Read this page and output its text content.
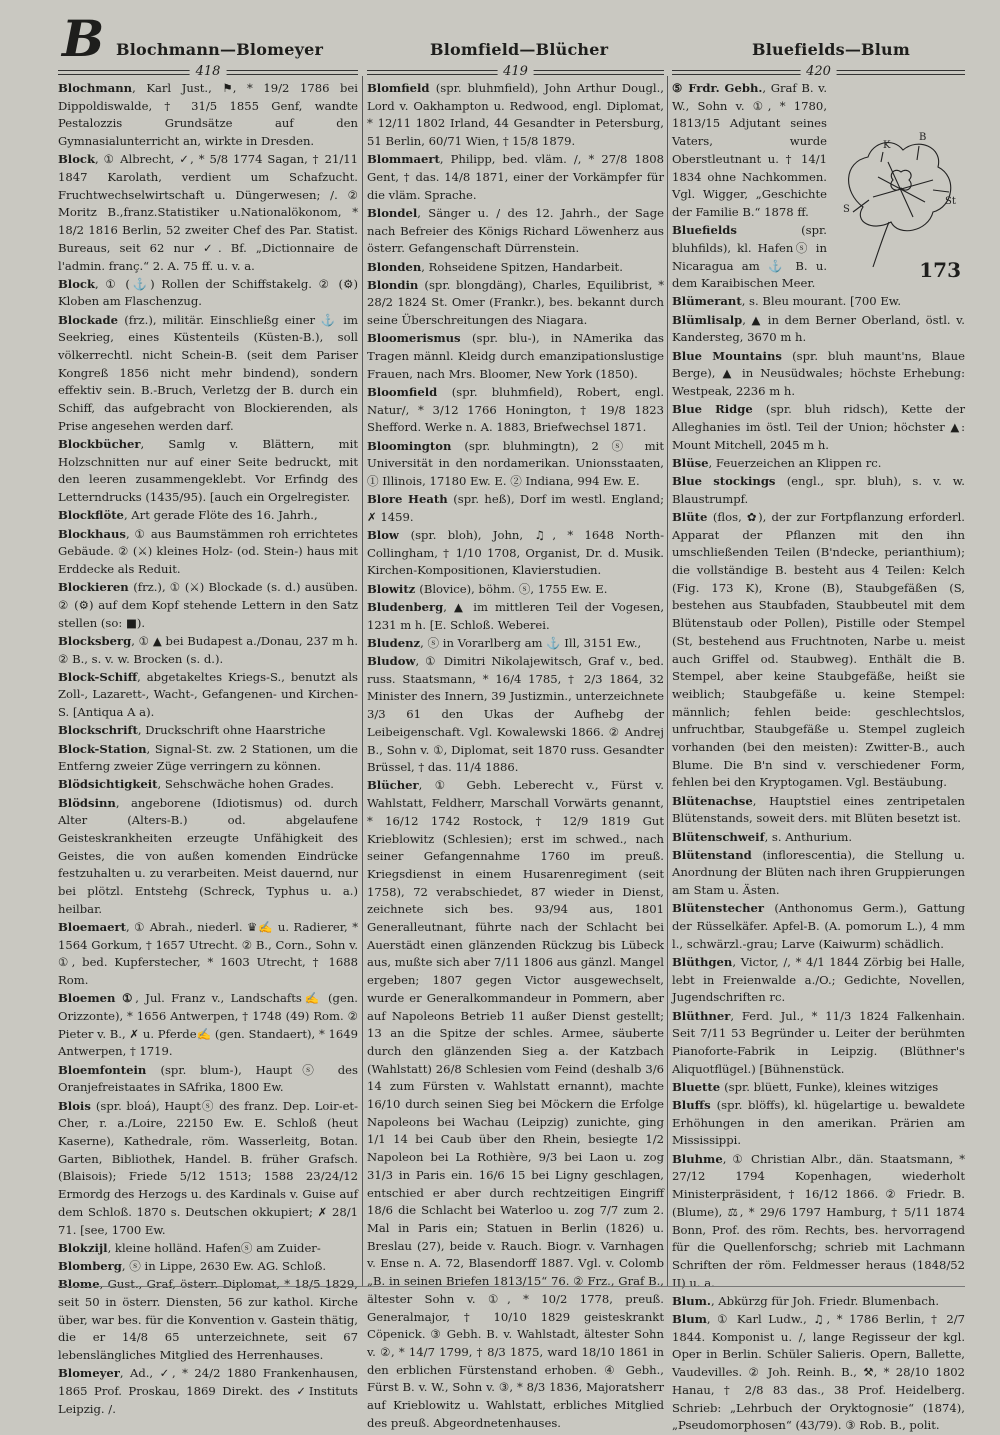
B Blochmann—Blomeyer	Blomfield—Blücher	Bluefields—Blum
418	419	420
Blochmann, Karl Just., ⚑, * 19/2 1786 bei Dippoldiswalde, † 31/5 1855 Genf, wandte Pestalozzis Grundsätze auf den Gymnasialunterricht an, wirkte in Dresden.
Block, ① Albrecht, ✓, * 5/8 1774 Sagan, † 21/11 1847 Karolath, verdient um Schafzucht. Fruchtwechselwirtschaft u. Düngerwesen; /. ② Moritz B.,franz.Statistiker u.Nationalökonom, * 18/2 1816 Berlin, 52 zweiter Chef des Par. Statist. Bureaus, seit 62 nur ✓. Bf. „Dictionnaire de l'admin. franç.“ 2. A. 75 ff. u. v. a.
Block, ① (⚓) Rollen der Schiffstakelg. ② (⚙) Kloben am Flaschenzug.
Blockade (frz.), militär. Einschließg einer ⚓ im Seekrieg, eines Küstenteils (Küsten-B.), soll völkerrechtl. nicht Schein-B. (seit dem Pariser Kongreß 1856 nicht mehr bindend), sondern effektiv sein. B.-Bruch, Verletzg der B. durch ein Schiff, das aufgebracht von Blockierenden, als Prise angesehen werden darf.
Blockbücher, Samlg v. Blättern, mit Holzschnitten nur auf einer Seite bedruckt, mit den leeren zusammengeklebt. Vor Erfindg des Letterndrucks (1435/95). [auch ein Orgelregister.
Blockflöte, Art gerade Flöte des 16. Jahrh.,
Blockhaus, ① aus Baumstämmen roh errichtetes Gebäude. ② (⚔) kleines Holz- (od. Stein-) haus mit Erddecke als Reduit.
Blockieren (frz.), ① (⚔) Blockade (s. d.) ausüben. ② (⚙) auf dem Kopf stehende Lettern in den Satz stellen (so: ■).
Blocksberg, ① ▲ bei Budapest a./Donau, 237 m h. ② B., s. v. w. Brocken (s. d.).
Block-Schiff, abgetakeltes Kriegs-S., benutzt als Zoll-, Lazarett-, Wacht-, Gefangenen- und Kirchen-S. [Antiqua A a).
Blockschrift, Druckschrift ohne Haarstriche
Block-Station, Signal-St. zw. 2 Stationen, um die Entferng zweier Züge verringern zu können.
Blödsichtigkeit, Sehschwäche hohen Grades.
Blödsinn, angeborene (Idiotismus) od. durch Alter (Alters-B.) od. abgelaufene Geisteskrankheiten erzeugte Unfähigkeit des Geistes, die von außen komenden Eindrücke festzuhalten u. zu verarbeiten. Meist dauernd, nur bei plötzl. Entstehg (Schreck, Typhus u. a.) heilbar.
Bloemaert, ① Abrah., niederl. ♛✍ u. Radierer, * 1564 Gorkum, † 1657 Utrecht. ② B., Corn., Sohn v. ①, bed. Kupferstecher, * 1603 Utrecht, † 1688 Rom.
Bloemen ①, Jul. Franz v., Landschafts✍ (gen. Orizzonte), * 1656 Antwerpen, † 1748 (49) Rom. ② Pieter v. B., ✗ u. Pferde✍ (gen. Standaert), * 1649 Antwerpen, † 1719.
Bloemfontein (spr. blum-), Hauptⓢ des Oranjefreistaates in SAfrika, 1800 Ew.
Blois (spr. bloá), Hauptⓢ des franz. Dep. Loir-et-Cher, r. a./Loire, 22150 Ew. E. Schloß (heut Kaserne), Kathedrale, röm. Wasserleitg, Botan. Garten, Bibliothek, Handel. B. früher Grafsch. (Blaisois); Friede 5/12 1513; 1588 23/24/12 Ermordg des Herzogs u. des Kardinals v. Guise auf dem Schloß. 1870 s. Deutschen okkupiert; ✗ 28/1 71. [see, 1700 Ew.
Blokzijl, kleine holländ. Hafenⓢ am Zuider-
Blomberg, ⓢ in Lippe, 2630 Ew. AG. Schloß.
Blome, Gust., Graf, österr. Diplomat, * 18/5 1829, seit 50 in österr. Diensten, 56 zur kathol. Kirche über, war bes. für die Konvention v. Gastein thätig, die er 14/8 65 unterzeichnete, seit 67 lebenslängliches Mitglied des Herrenhauses.
Blomeyer, Ad., ✓, * 24/2 1880 Frankenhausen, 1865 Prof. Proskau, 1869 Direkt. des ✓Instituts Leipzig. /.
Blomfield (spr. bluhmfield), John Arthur Dougl., Lord v. Oakhampton u. Redwood, engl. Diplomat, * 12/11 1802 Irland, 44 Gesandter in Petersburg, 51 Berlin, 60/71 Wien, † 15/8 1879.
Blommaert, Philipp, bed. vläm. /, * 27/8 1808 Gent, † das. 14/8 1871, einer der Vorkämpfer für die vläm. Sprache.
Blondel, Sänger u. / des 12. Jahrh., der Sage nach Befreier des Königs Richard Löwenherz aus österr. Gefangenschaft Dürrenstein.
Blonden, Rohseidene Spitzen, Handarbeit.
Blondin (spr. blongdäng), Charles, Equilibrist, * 28/2 1824 St. Omer (Frankr.), bes. bekannt durch seine Überschreitungen des Niagara.
Bloomerismus (spr. blu-), in NAmerika das Tragen männl. Kleidg durch emanzipationslustige Frauen, nach Mrs. Bloomer, New York (1850).
Bloomfield (spr. bluhmfield), Robert, engl. Natur/, * 3/12 1766 Honington, † 19/8 1823 Shefford. Werke n. A. 1883, Briefwechsel 1871.
Bloomington (spr. bluhmingtn), 2 ⓢ mit Universität in den nordamerikan. Unionsstaaten, ① Illinois, 17180 Ew. E. ② Indiana, 994 Ew. E.
Blore Heath (spr. heß), Dorf im westl. England; ✗ 1459.
Blow (spr. bloh), John, ♫, * 1648 North-Collingham, † 1/10 1708, Organist, Dr. d. Musik. Kirchen-Kompositionen, Klavierstudien.
Blowitz (Blovice), böhm. ⓢ, 1755 Ew. E.
Bludenberg, ▲ im mittleren Teil der Vogesen, 1231 m h. [E. Schloß. Weberei.
Bludenz, ⓢ in Vorarlberg am ⚓ Ill, 3151 Ew.,
Bludow, ① Dimitri Nikolajewitsch, Graf v., bed. russ. Staatsmann, * 16/4 1785, † 2/3 1864, 32 Minister des Innern, 39 Justizmin., unterzeichnete 3/3 61 den Ukas der Aufhebg der Leibeigenschaft. Vgl. Kowalewski 1866. ② Andrej B., Sohn v. ①, Diplomat, seit 1870 russ. Gesandter Brüssel, † das. 11/4 1886.
Blücher, ① Gebh. Leberecht v., Fürst v. Wahlstatt, Feldherr, Marschall Vorwärts genannt, * 16/12 1742 Rostock, † 12/9 1819 Gut Krieblowitz (Schlesien); erst im schwed., nach seiner Gefangennahme 1760 im preuß. Kriegsdienst in einem Husarenregiment (seit 1758), 72 verabschiedet, 87 wieder in Dienst, zeichnete sich bes. 93/94 aus, 1801 Generalleutnant, führte nach der Schlacht bei Auerstädt einen glänzenden Rückzug bis Lübeck aus, mußte sich aber 7/11 1806 aus gänzl. Mangel ergeben; 1807 gegen Victor ausgewechselt, wurde er Generalkommandeur in Pommern, aber auf Napoleons Betrieb 11 außer Dienst gestellt; 13 an die Spitze der schles. Armee, säuberte durch den glänzenden Sieg a. der Katzbach (Wahlstatt) 26/8 Schlesien vom Feind (deshalb 3/6 14 zum Fürsten v. Wahlstatt ernannt), machte 16/10 durch seinen Sieg bei Möckern die Erfolge Napoleons bei Wachau (Leipzig) zunichte, ging 1/1 14 bei Caub über den Rhein, besiegte 1/2 Napoleon bei La Rothière, 9/3 bei Laon u. zog 31/3 in Paris ein. 16/6 15 bei Ligny geschlagen, entschied er aber durch rechtzeitigen Eingriff 18/6 die Schlacht bei Waterloo u. zog 7/7 zum 2. Mal in Paris ein; Statuen in Berlin (1826) u. Breslau (27), beide v. Rauch. Biogr. v. Varnhagen v. Ense n. A. 72, Blasendorff 1887. Vgl. v. Colomb „B. in seinen Briefen 1813/15“ 76. ② Frz., Graf B., ältester Sohn v. ①, * 10/2 1778, preuß. Generalmajor, † 10/10 1829 geisteskrankt Cöpenick. ③ Gebh. B. v. Wahlstadt, ältester Sohn v. ②, * 14/7 1799, † 8/3 1875, ward 18/10 1861 in den erblichen Fürstenstand erhoben. ④ Gebh., Fürst B. v. W., Sohn v. ③, * 8/3 1836, Majoratsherr auf Krieblowitz u. Wahlstatt, erbliches Mitglied des preuß. Abgeordnetenhauses.
K
B
S
St
173
⑤ Frdr. Gebh., Graf B. v. W., Sohn v. ①, * 1780, 1813/15 Adjutant seines Vaters, wurde Oberstleutnant u. † 14/1 1834 ohne Nachkommen. Vgl. Wigger, „Geschichte der Familie B.“ 1878 ff.
Bluefields (spr. bluhfilds), kl. Hafenⓢ in Nicaragua am ⚓ B. u. dem Karaibischen Meer.
Blümerant, s. Bleu mourant. [700 Ew.
Blümlisalp, ▲ in dem Berner Oberland, östl. v. Kandersteg, 3670 m h.
Blue Mountains (spr. bluh maunt'ns, Blaue Berge), ▲ in Neusüdwales; höchste Erhebung: Westpeak, 2236 m h.
Blue Ridge (spr. bluh ridsch), Kette der Alleghanies im östl. Teil der Union; höchster ▲: Mount Mitchell, 2045 m h.
Blüse, Feuerzeichen an Klippen rc.
Blue stockings (engl., spr. bluh), s. v. w. Blaustrumpf.
Blüte (flos, ✿), der zur Fortpflanzung erforderl. Apparat der Pflanzen mit den ihn umschließenden Teilen (B'ndecke, perianthium); die vollständige B. besteht aus 4 Teilen: Kelch (Fig. 173 K), Krone (B), Staubgefäßen (S, bestehen aus Staubfaden, Staubbeutel mit dem Blütenstaub oder Pollen), Pistille oder Stempel (St, bestehend aus Fruchtnoten, Narbe u. meist auch Griffel od. Staubweg). Enthält die B. Stempel, aber keine Staubgefäße, heißt sie weiblich; Staubgefäße u. keine Stempel: männlich; fehlen beide: geschlechtslos, unfruchtbar, Staubgefäße u. Stempel zugleich vorhanden (bei den meisten): Zwitter-B., auch Blume. Die B'n sind v. verschiedener Form, fehlen bei den Kryptogamen. Vgl. Bestäubung.
Blütenachse, Hauptstiel eines zentripetalen Blütenstands, soweit ders. mit Blüten besetzt ist.
Blütenschweif, s. Anthurium.
Blütenstand (inflorescentia), die Stellung u. Anordnung der Blüten nach ihren Gruppierungen am Stam u. Ästen.
Blütenstecher (Anthonomus Germ.), Gattung der Rüsselkäfer. Apfel-B. (A. pomorum L.), 4 mm l., schwärzl.-grau; Larve (Kaiwurm) schädlich.
Blüthgen, Victor, /, * 4/1 1844 Zörbig bei Halle, lebt in Freienwalde a./O.; Gedichte, Novellen, Jugendschriften rc.
Blüthner, Ferd. Jul., * 11/3 1824 Falkenhain. Seit 7/11 53 Begründer u. Leiter der berühmten Pianoforte-Fabrik in Leipzig. (Blüthner's Aliquotflügel.) [Bühnenstück.
Bluette (spr. blüett, Funke), kleines witziges
Bluffs (spr. blöffs), kl. hügelartige u. bewaldete Erhöhungen in den amerikan. Prärien am Mississippi.
Bluhme, ① Christian Albr., dän. Staatsmann, * 27/12 1794 Kopenhagen, wiederholt Ministerpräsident, † 16/12 1866. ② Friedr. B. (Blume), ⚖, * 29/6 1797 Hamburg, † 5/11 1874 Bonn, Prof. des röm. Rechts, bes. hervorragend für die Quellenforschg; schrieb mit Lachmann Schriften der röm. Feldmesser heraus (1848/52 II) u. a.
Blum., Abkürzg für Joh. Friedr. Blumenbach.
Blum, ① Karl Ludw., ♫, * 1786 Berlin, † 2/7 1844. Komponist u. /, lange Regisseur der kgl. Oper in Berlin. Schüler Salieris. Opern, Ballette, Vaudevilles. ② Joh. Reinh. B., ⚒, * 28/10 1802 Hanau, † 2/8 83 das., 38 Prof. Heidelberg. Schrieb: „Lehrbuch der Oryktognosie“ (1874), „Pseudomorphosen“ (43/79). ③ Rob. B., polit.
